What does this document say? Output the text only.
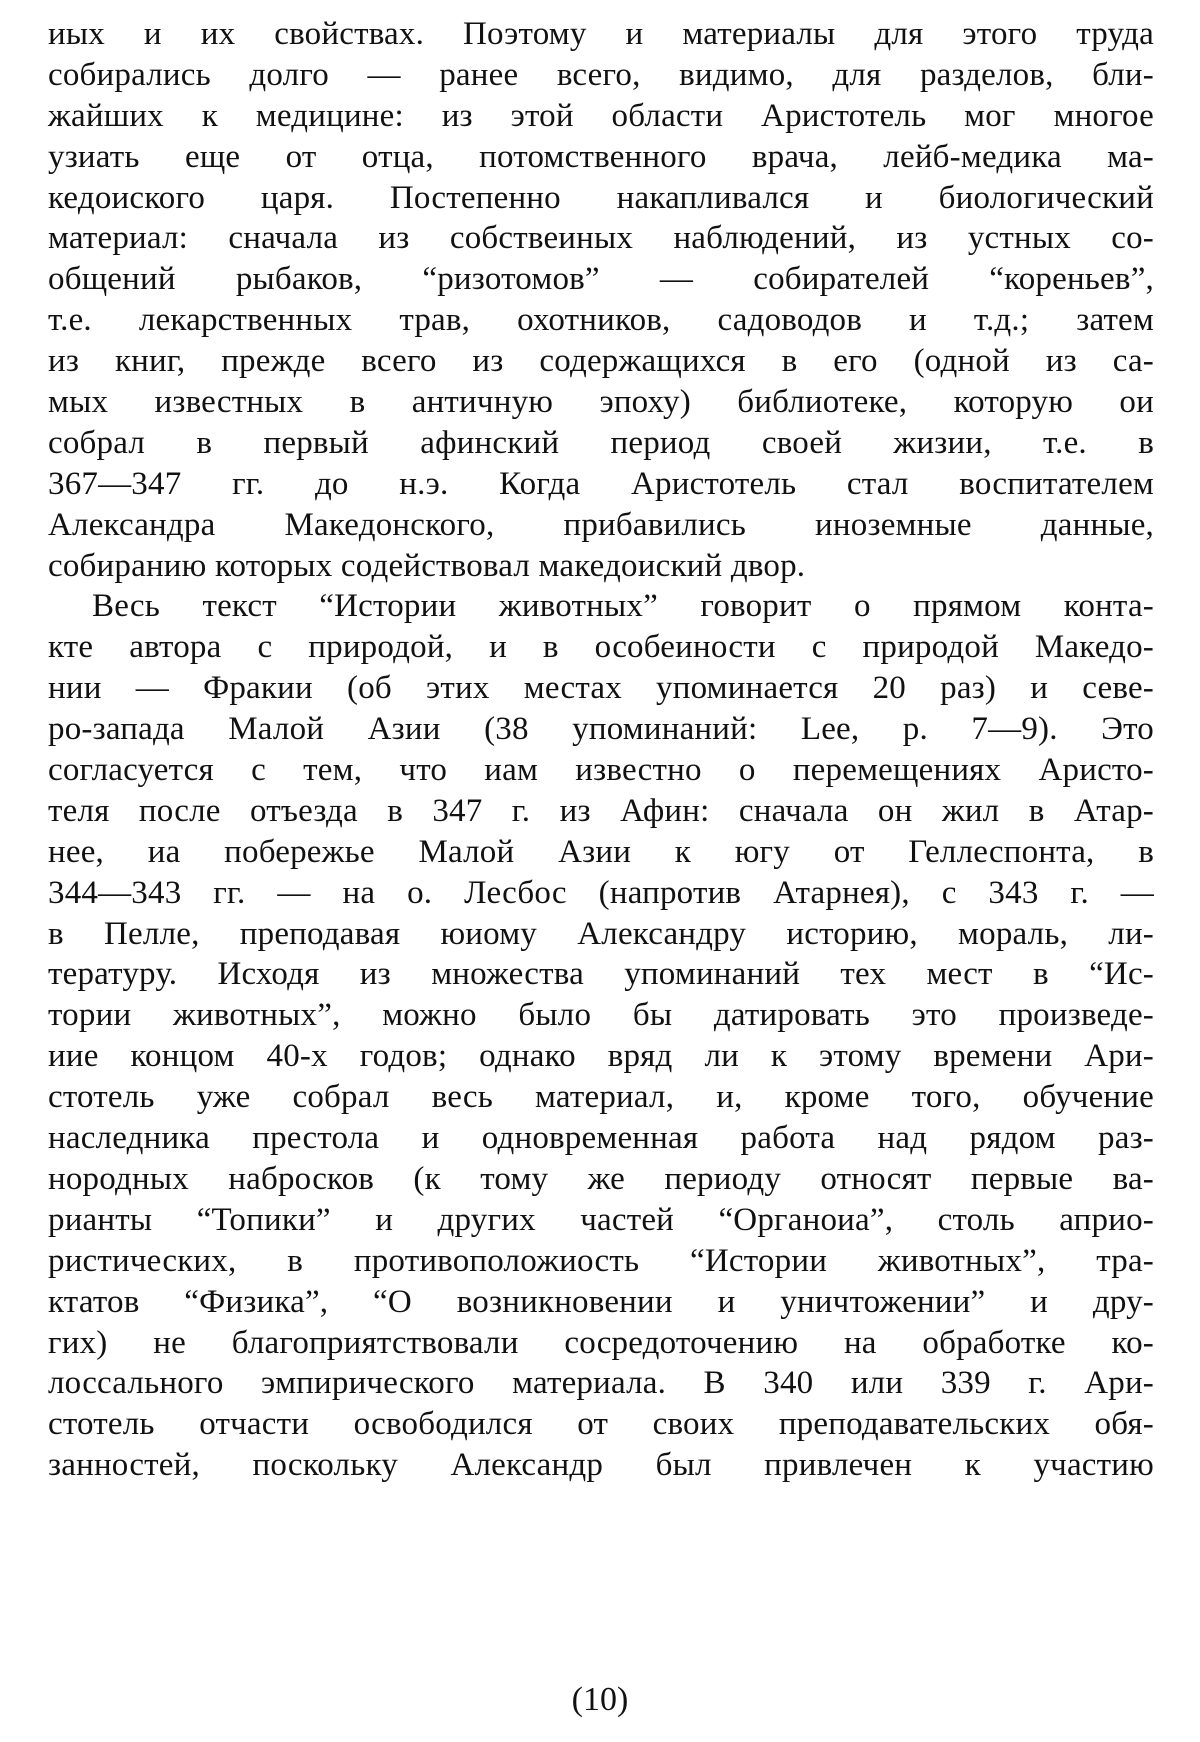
иых и их свойствах. Поэтому и материалы для этого труда
собирались долго — ранее всего, видимо, для разделов, бли-
жайших к медицине: из этой области Аристотель мог многое
узиать еще от отца, потомственного врача, лейб-медика ма-
кедоиского царя. Постепенно накапливался и биологический
материал: сначала из собствеиных наблюдений, из устных со-
общений рыбаков, “ризотомов” — собирателей “кореньев”,
т.е. лекарственных трав, охотников, садоводов и т.д.; затем
из книг, прежде всего из содержащихся в его (одной из са-
мых известных в античную эпоху) библиотеке, которую ои
собрал в первый афинский период своей жизии, т.е. в
367—347 гг. до н.э. Когда Аристотель стал воспитателем
Александра Македонского, прибавились иноземные данные,
собиранию которых содействовал македоиский двор.
Весь текст “Истории животных” говорит о прямом конта-
кте автора с природой, и в особеиности с природой Македо-
нии — Фракии (об этих местах упоминается 20 раз) и севе-
ро-запада Малой Азии (38 упоминаний: Lee, p. 7—9). Это
согласуется с тем, что иам известно о перемещениях Аристо-
теля после отъезда в 347 г. из Афин: сначала он жил в Атар-
нее, иа побережье Малой Азии к югу от Геллеспонта, в
344—343 гг. — на о. Лесбос (напротив Атарнея), с 343 г. —
в Пелле, преподавая юиому Александру историю, мораль, ли-
тературу. Исходя из множества упоминаний тех мест в “Ис-
тории животных”, можно было бы датировать это произведе-
иие концом 40-х годов; однако вряд ли к этому времени Ари-
стотель уже собрал весь материал, и, кроме того, обучение
наследника престола и одновременная работа над рядом раз-
нородных набросков (к тому же периоду относят первые ва-
рианты “Топики” и других частей “Органоиа”, столь априо-
ристических, в противоположиость “Истории животных”, тра-
ктатов “Физика”, “О возникновении и уничтожении” и дру-
гих) не благоприятствовали сосредоточению на обработке ко-
лоссального эмпирического материала. В 340 или 339 г. Ари-
стотель отчасти освободился от своих преподавательских обя-
занностей, поскольку Александр был привлечен к участию
(10)
